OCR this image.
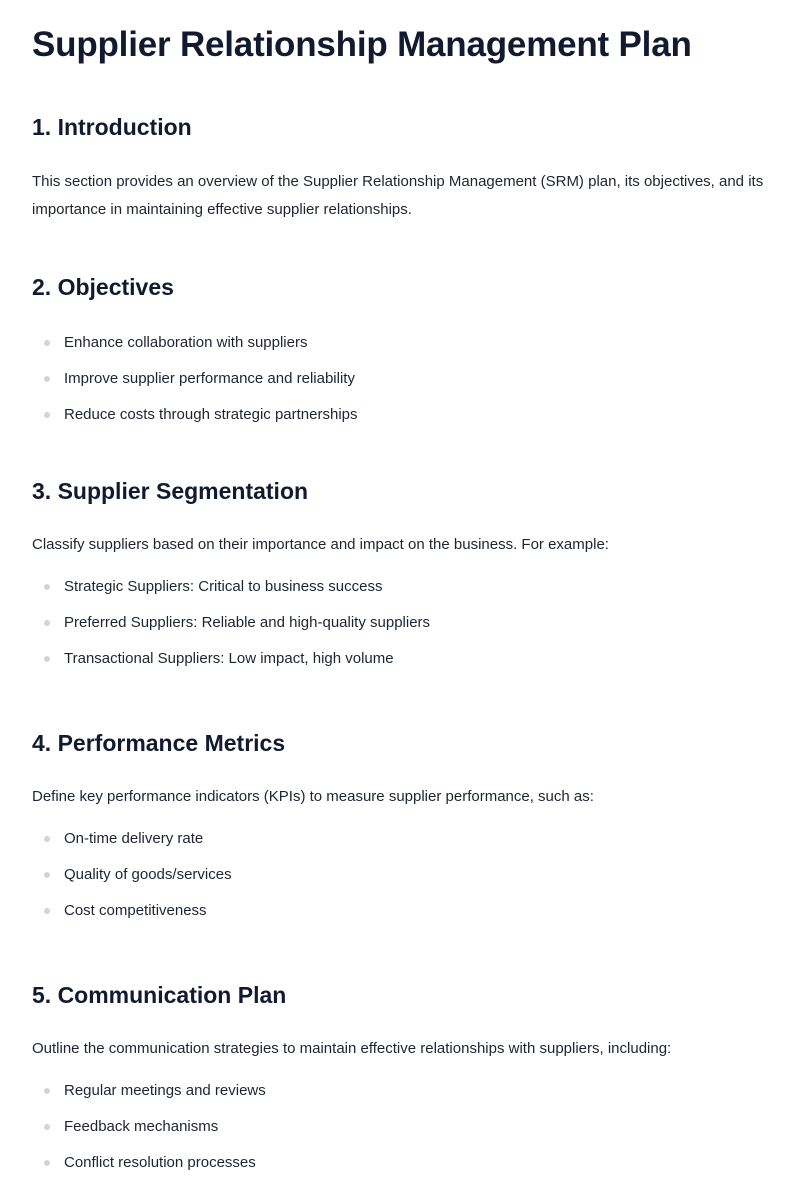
Supplier Relationship Management Plan
1. Introduction

This section provides an overview of the Supplier Relationship Management (SRM) plan, its objectives, and its importance in maintaining effective supplier relationships.

2. Objectives
Enhance collaboration with suppliers
Improve supplier performance and reliability
Reduce costs through strategic partnerships
3. Supplier Segmentation

Classify suppliers based on their importance and impact on the business. For example:

Strategic Suppliers: Critical to business success
Preferred Suppliers: Reliable and high-quality suppliers
Transactional Suppliers: Low impact, high volume
4. Performance Metrics

Define key performance indicators (KPIs) to measure supplier performance, such as:

On-time delivery rate
Quality of goods/services
Cost competitiveness
5. Communication Plan

Outline the communication strategies to maintain effective relationships with suppliers, including:

Regular meetings and reviews
Feedback mechanisms
Conflict resolution processes
